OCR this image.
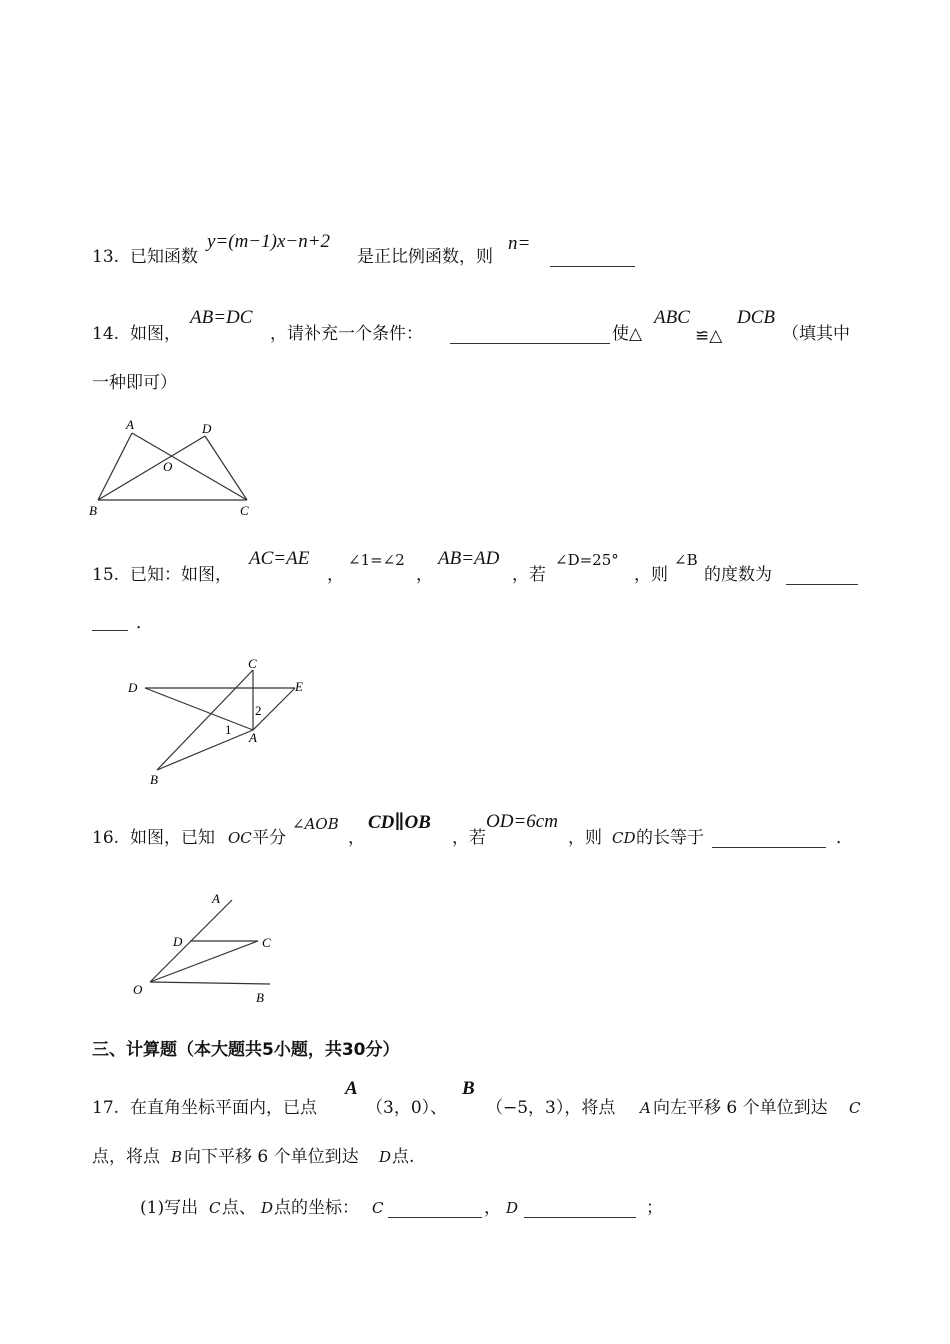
13. 已知函数
y=(m−1)x−n+2
是正比例函数，则
n=
14. 如图，
AB=DC
，请补充一个条件：	使△
ABC
≌△
DCB
（填其中
一种即可）
A	D
O
B	C
15. 已知：如图，
AC=AE
，
∠1=∠2
，
AB=AD
，若
∠D=25°
，则
∠B
的度数为
．
C
D	E
A
B
1
2
16. 如图，已知 OC 平分
∠AOB
，
CD∥OB
，若
OD=6cm
，则 CD 的长等于	．
A
D	C
O
B
三、计算题（本大题共5小题，共30分）
17. 在直角坐标平面内，已点
A
（3，0）、
B
（−5，3），将点 A 向左平移 6 个单位到达 C
点，将点 B 向下平移 6 个单位到达 D 点.
(1)写出 C 点、 D 点的坐标： C	， D	；
